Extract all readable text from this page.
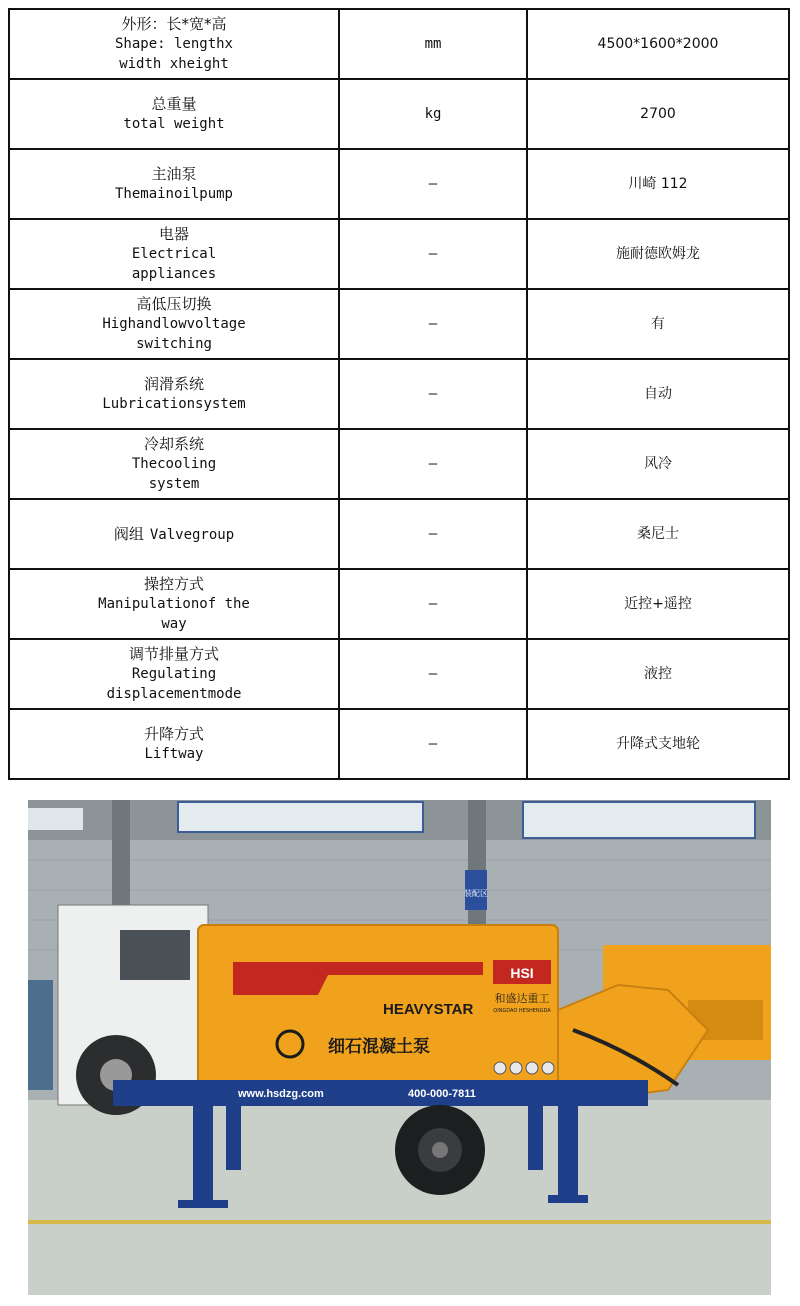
外形：长*宽*高
Shape: lengthx
width xheight	mm	4500*1600*2000

总重量
total weight	kg	2700

主油泵
Themainoilpump	—	川崎 112

电器
Electrical
appliances	—	施耐德欧姆龙

高低压切换
Highandlowvoltage
switching	—	有

润滑系统
Lubricationsystem	—	自动

冷却系统
Thecooling
system	—	风冷
阀组 Valvegroup	—	桑尼士

操控方式
Manipulationof the
way	—	近控+遥控

调节排量方式
Regulating
displacementmode	—	液控

升降方式
Liftway	—	升降式支地轮
装配区
XHBT4010-45S
HEAVYSTAR
HSI
和盛达重工
QINGDAO HESHENGDA
细石混凝土泵
www.hsdzg.com	400-000-7811
